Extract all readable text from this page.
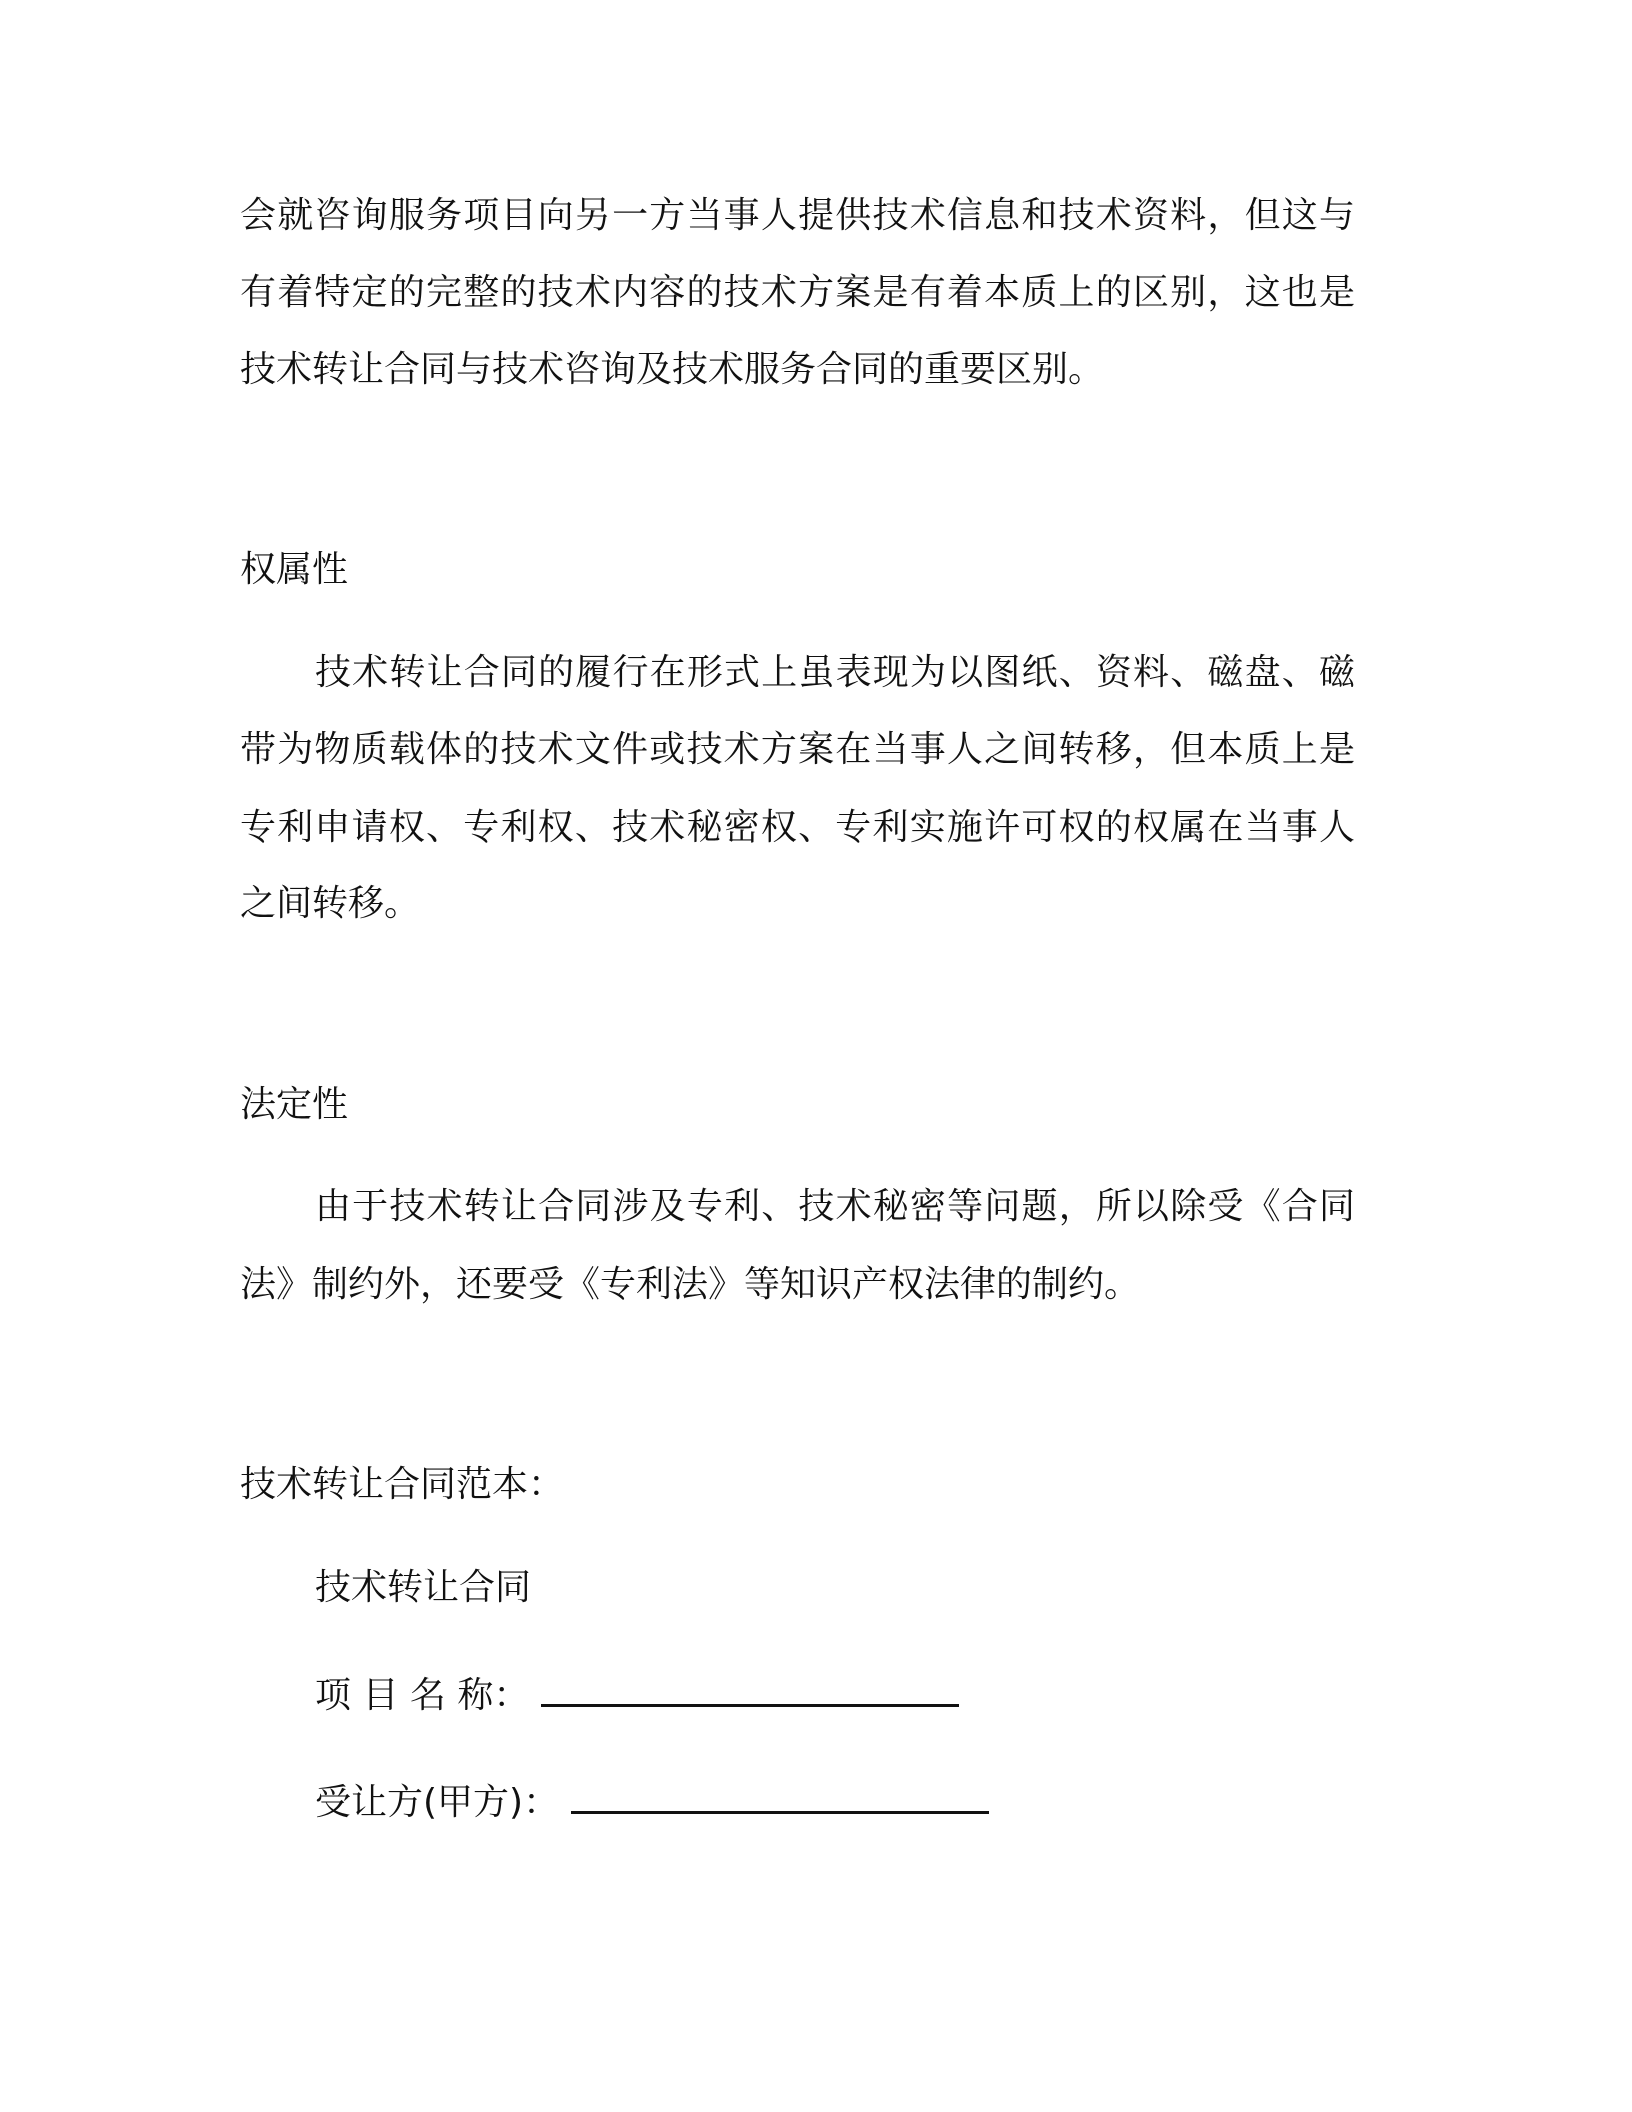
会就咨询服务项目向另一方当事人提供技术信息和技术资料，但这与
有着特定的完整的技术内容的技术方案是有着本质上的区别，这也是
技术转让合同与技术咨询及技术服务合同的重要区别。
权属性
技术转让合同的履行在形式上虽表现为以图纸、资料、磁盘、磁
带为物质载体的技术文件或技术方案在当事人之间转移，但本质上是
专利申请权、专利权、技术秘密权、专利实施许可权的权属在当事人
之间转移。
法定性
由于技术转让合同涉及专利、技术秘密等问题，所以除受《合同
法》制约外，还要受《专利法》等知识产权法律的制约。
技术转让合同范本：
技术转让合同
项 目 名 称：
受让方(甲方)：
